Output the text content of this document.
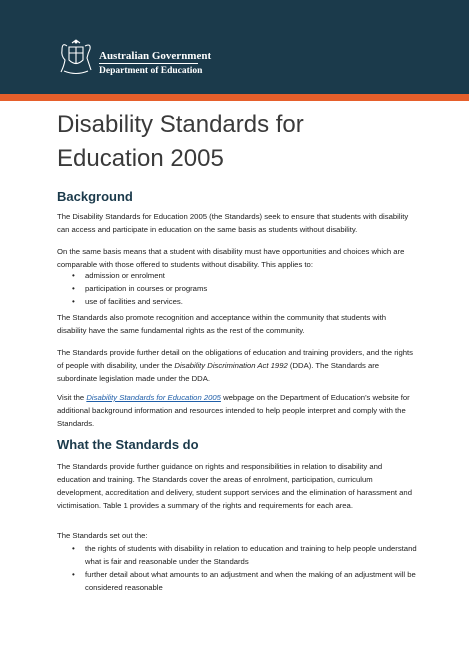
Australian Government
Department of Education
Disability Standards for Education 2005
Background

The Disability Standards for Education 2005 (the Standards) seek to ensure that students with disability can access and participate in education on the same basis as students without disability.

On the same basis means that a student with disability must have opportunities and choices which are comparable with those offered to students without disability. This applies to:

• admission or enrolment
• participation in courses or programs
• use of facilities and services.

The Standards also promote recognition and acceptance within the community that students with disability have the same fundamental rights as the rest of the community.

The Standards provide further detail on the obligations of education and training providers, and the rights of people with disability, under the Disability Discrimination Act 1992 (DDA). The Standards are subordinate legislation made under the DDA.

Visit the Disability Standards for Education 2005 webpage on the Department of Education’s website for additional background information and resources intended to help people interpret and comply with the Standards.

What the Standards do

The Standards provide further guidance on rights and responsibilities in relation to disability and education and training. The Standards cover the areas of enrolment, participation, curriculum development, accreditation and delivery, student support services and the elimination of harassment and victimisation. Table 1 provides a summary of the rights and requirements for each area.

The Standards set out the:

• the rights of students with disability in relation to education and training to help people understand what is fair and reasonable under the Standards
• further detail about what amounts to an adjustment and when the making of an adjustment will be considered reasonable
